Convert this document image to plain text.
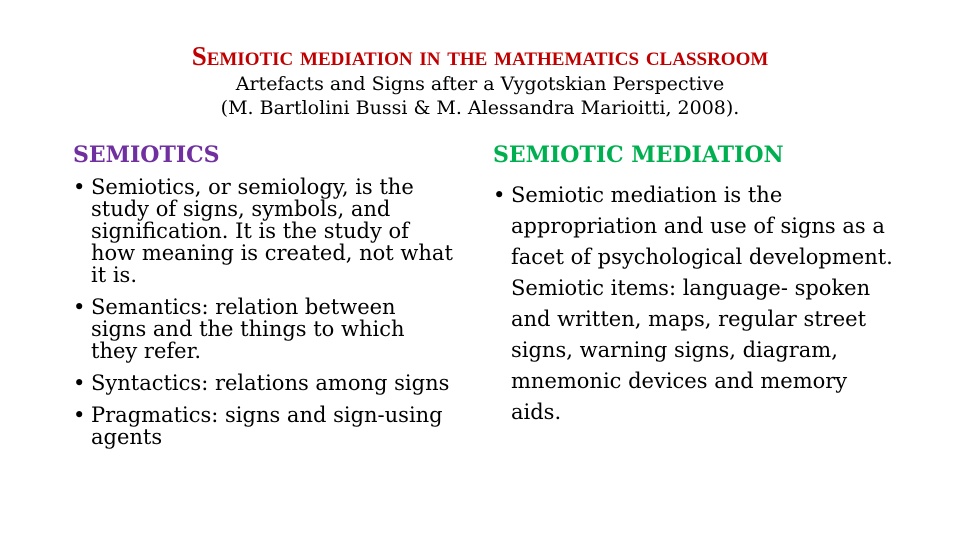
Semiotic mediation in the mathematics classroom

Artefacts and Signs after a Vygotskian Perspective

(M. Bartlolini Bussi & M. Alessandra Marioitti, 2008).

SEMIOTICS
• Semiotics, or semiology, is the study of signs, symbols, and signification. It is the study of how meaning is created, not what it is.
• Semantics: relation between signs and the things to which they refer.
• Syntactics: relations among signs
• Pragmatics: signs and sign-using agents
SEMIOTIC MEDIATION
• Semiotic mediation is the appropriation and use of signs as a facet of psychological development. Semiotic items: language- spoken and written, maps, regular street signs, warning signs, diagram, mnemonic devices and memory aids.
